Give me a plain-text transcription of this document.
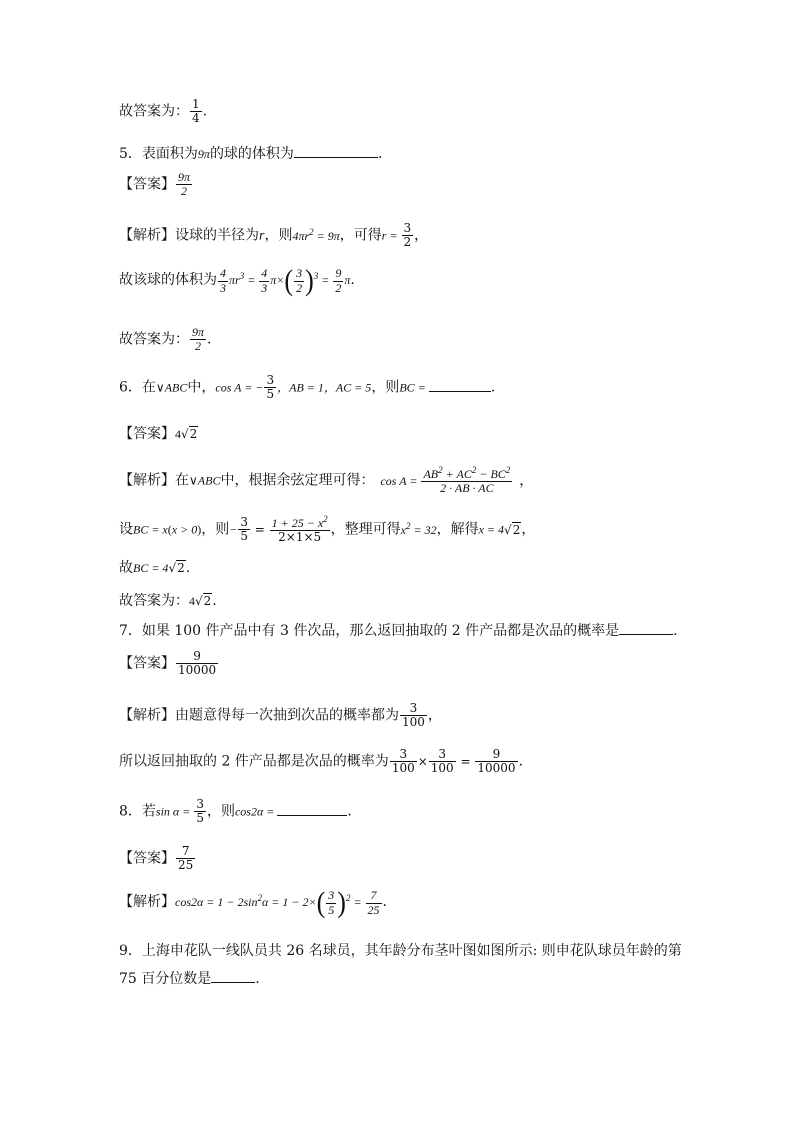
故答案为： $\frac{1}{4}$ .
5．表面积为9π的球的体积为	.
【答案】 $\frac{9\pi}{2}$
【解析】设球的半径为r，则$4\pi r^2 = 9\pi$，可得$r = \frac{3}{2}$ ，
故该球的体积为 $\frac{4}{3} \pi r^3 = \frac{4}{3} \pi\times( \frac{3}{2} )^3 = \frac{9}{2} \pi$.
故答案为： $\frac{9\pi}{2}$ .
6．在∨ABC中，cos A = − $\frac{3}{5}$ ，AB = 1，AC = 5，则BC =	.
【答案】4√2
【解析】在∨ABC中，根据余弦定理可得： $\cos A = \frac{AB^2 + AC^2 - BC^2}{2 \cdot AB \cdot AC}$ ，
设BC = x(x > 0)，则− $\frac{3}{5} = \frac{1 + 25 - x^2}{2\times 1\times 5}$ ，整理可得$x^2 = 32$，解得x = 4√2，
故BC = 4√2.
故答案为：4√2.
7．如果 100 件产品中有 3 件次品，那么返回抽取的 2 件产品都是次品的概率是	.
【答案】 $\frac{9}{10000}$
【解析】由题意得每一次抽到次品的概率都为 $\frac{3}{100}$ ，
所以返回抽取的 2 件产品都是次品的概率为 $\frac{3}{100} \times \frac{3}{100} = \frac{9}{10000}$ .
8．若$\sin \alpha = \frac{3}{5}$ ，则cos2α =	.
【答案】 $\frac{7}{25}$
【解析】$\cos 2\alpha = 1 - 2\sin^2\alpha = 1 - 2\times( \frac{3}{5} )^2 = \frac{7}{25}$ .
9．上海申花队一线队员共 26 名球员，其年龄分布茎叶图如图所示: 则申花队球员年龄的第
75 百分位数是	.
